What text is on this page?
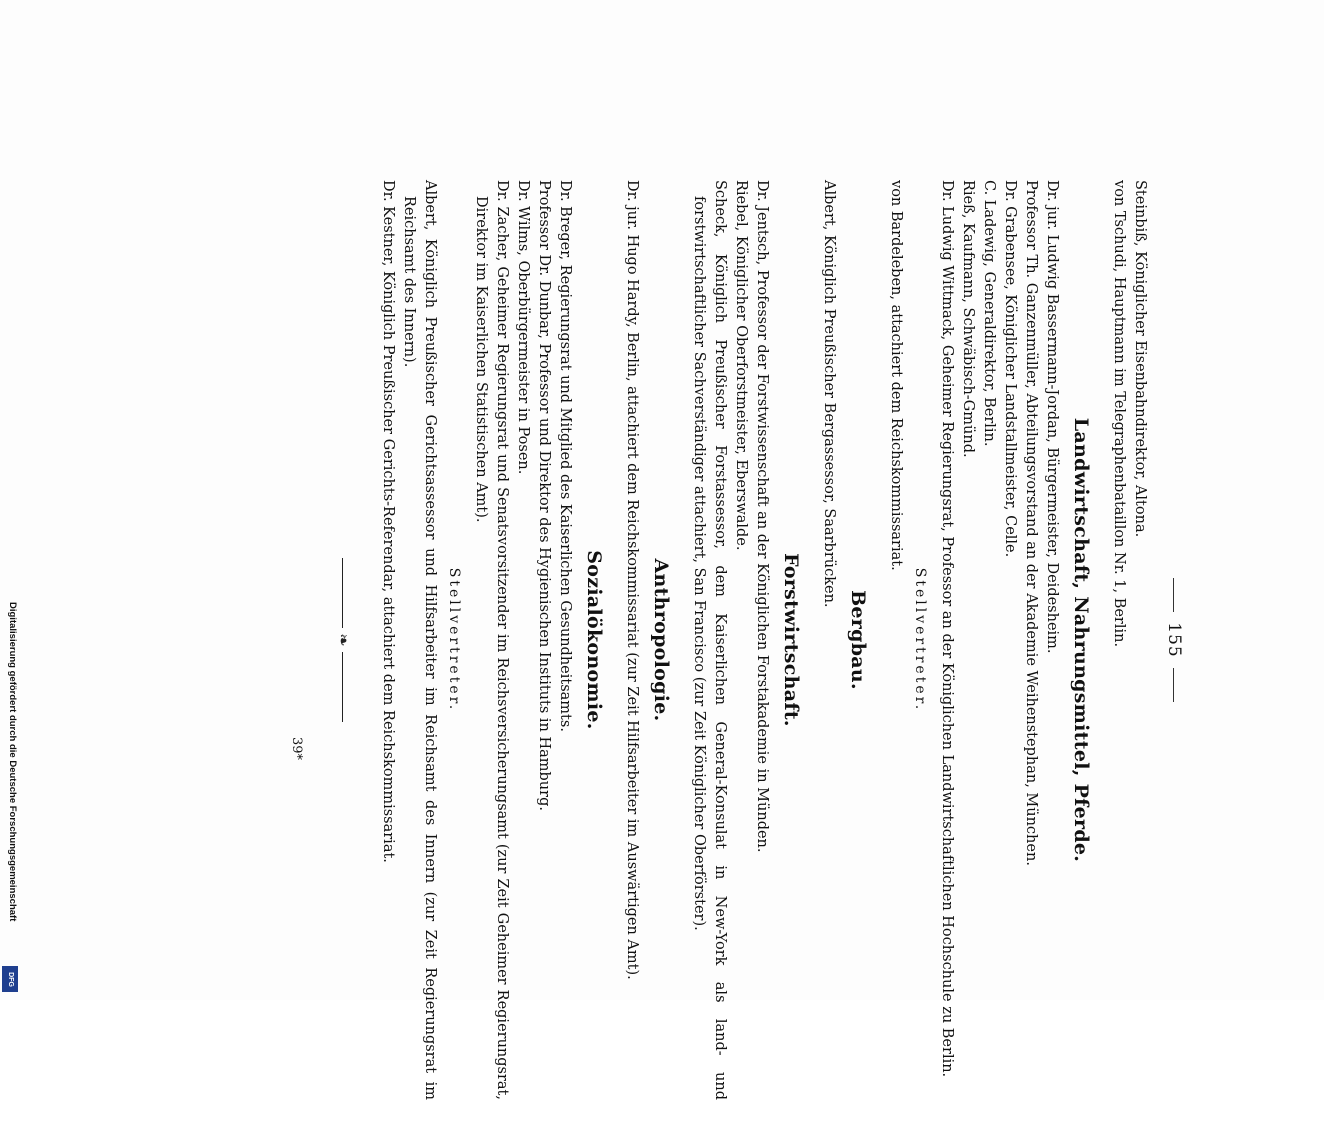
155

Steinbiß, Königlicher Eisenbahndirektor, Altona.

von Tschudi, Hauptmann im Telegraphenbataillon Nr. 1, Berlin.

Landwirtschaft, Nahrungsmittel, Pferde.

Dr. jur. Ludwig Bassermann-Jordan, Bürgermeister, Deidesheim.

Professor Th. Ganzenmüller, Abteilungsvorstand an der Akademie Weihenstephan, München.

Dr. Grabensee, Königlicher Landstallmeister, Celle.

C. Ladewig, Generaldirektor, Berlin.

Rieß, Kaufmann, Schwäbisch-Gmünd.

Dr. Ludwig Wittmack, Geheimer Regierungsrat, Professor an der Königlichen Landwirtschaftlichen Hochschule zu Berlin.

Stellvertreter.

von Bardeleben, attachiert dem Reichskommissariat.

Bergbau.

Albert, Königlich Preußischer Bergassessor, Saarbrücken.

Forstwirtschaft.

Dr. Jentsch, Professor der Forstwissenschaft an der Königlichen Forstakademie in Münden.

Riebel, Königlicher Oberforstmeister, Eberswalde.

Scheck, Königlich Preußischer Forstassessor, dem Kaiserlichen General-Konsulat in New-York als land- und forstwirtschaftlicher Sachverständiger attachiert, San Francisco (zur Zeit Königlicher Oberförster).

Anthropologie.

Dr. jur. Hugo Hardy, Berlin, attachiert dem Reichskommissariat (zur Zeit Hilfsarbeiter im Auswärtigen Amt).

Sozialökonomie.

Dr. Breger, Regierungsrat und Mitglied des Kaiserlichen Gesundheitsamts.

Professor Dr. Dunbar, Professor und Direktor des Hygienischen Instituts in Hamburg.

Dr. Wilms, Oberbürgermeister in Posen.

Dr. Zacher, Geheimer Regierungsrat und Senatsvorsitzender im Reichsversicherungsamt (zur Zeit Geheimer Regierungsrat, Direktor im Kaiserlichen Statistischen Amt).

Stellvertreter.

Albert, Königlich Preußischer Gerichtsassessor und Hilfsarbeiter im Reichsamt des Innern (zur Zeit Regierungsrat im Reichsamt des Innern).

Dr. Kestner, Königlich Preußischer Gerichts-Referendar, attachiert dem Reichskommissariat.

❧
39*
Digitalisierung gefördert durch die Deutsche Forschungsgemeinschaft
DFG
